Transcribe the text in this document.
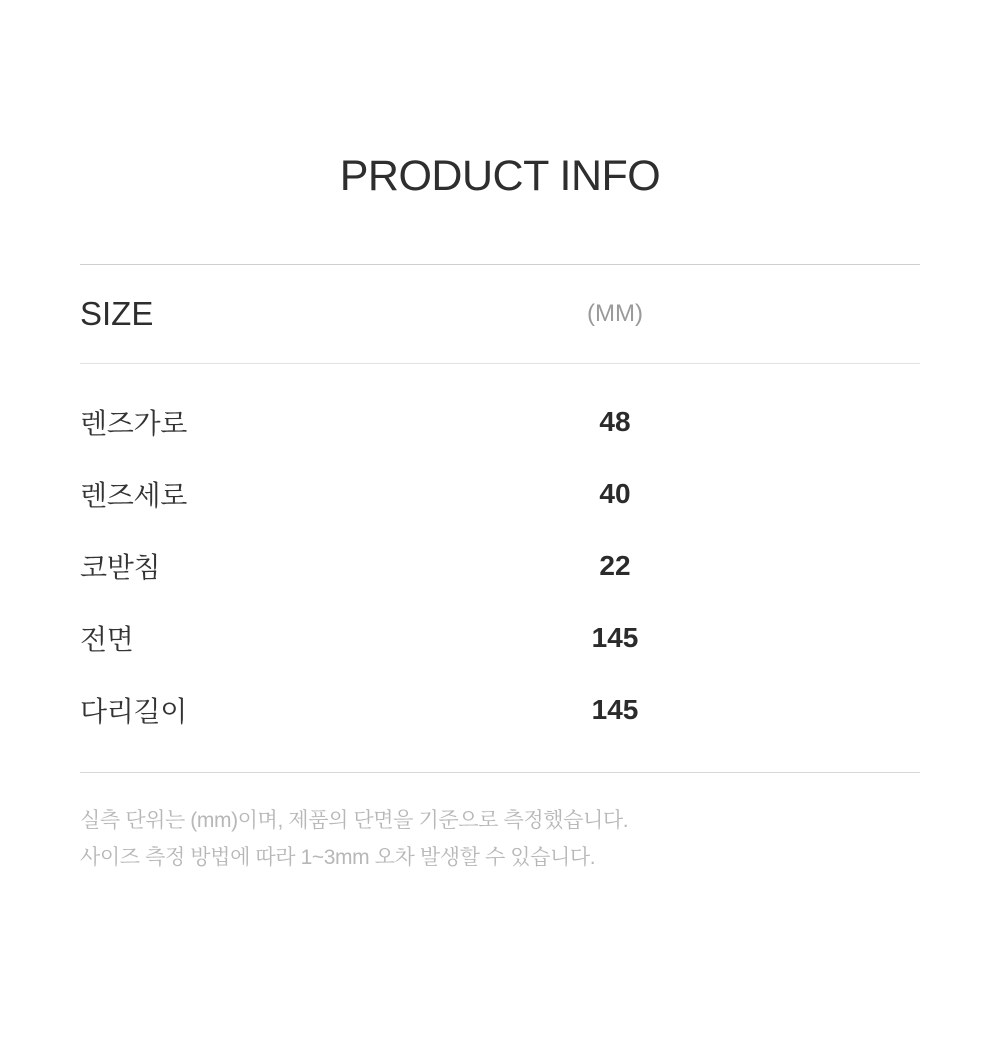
PRODUCT INFO
SIZE	(MM)
렌즈가로	48
렌즈세로	40
코받침	22
전면	145
다리길이	145
실측 단위는 (mm)이며, 제품의 단면을 기준으로 측정했습니다.
사이즈 측정 방법에 따라 1~3mm 오차 발생할 수 있습니다.
